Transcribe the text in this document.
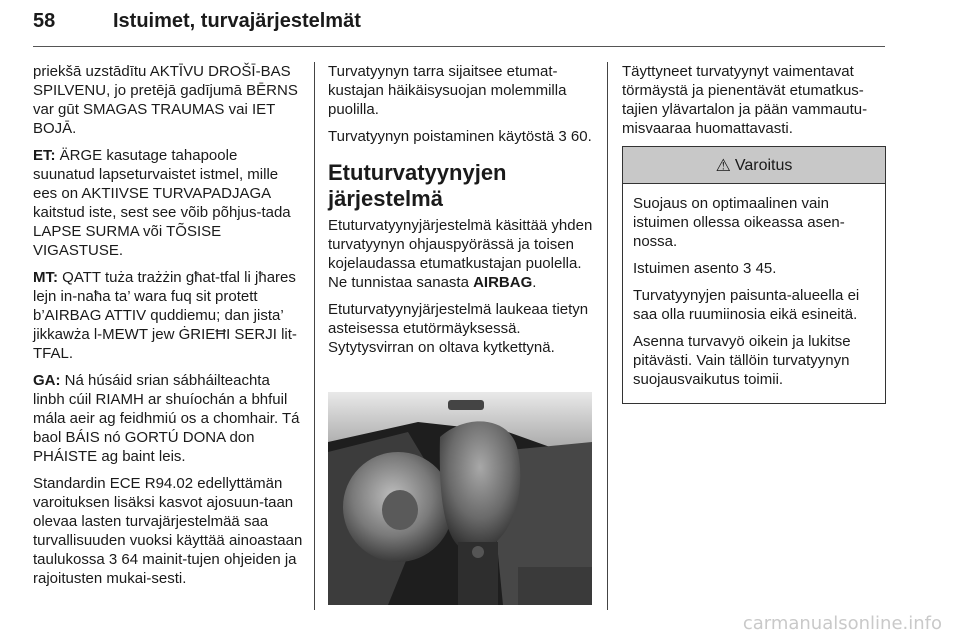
58	Istuimet, turvajärjestelmät

priekšā uzstādītu AKTĪVU DROŠĪ-BAS SPILVENU, jo pretējā gadījumā BĒRNS var gūt SMAGAS TRAUMAS vai IET BOJĀ.

ET: ÄRGE kasutage tahapoole suunatud lapseturvaistet istmel, mille ees on AKTIIVSE TURVAPADJAGA kaitstud iste, sest see võib põhjus-tada LAPSE SURMA või TÕSISE VIGASTUSE.

MT: QATT tuża trażżin għat-tfal li jħares lejn in-naħa ta’ wara fuq sit protett b’AIRBAG ATTIV quddiemu; dan jista’ jikkawża l-MEWT jew ĠRIEĦI SERJI lit-TFAL.

GA: Ná húsáid srian sábháilteachta linbh cúil RIAMH ar shuíochán a bhfuil mála aeir ag feidhmiú os a chomhair. Tá baol BÁIS nó GORTÚ DONA don PHÁISTE ag baint leis.

Standardin ECE R94.02 edellyttämän varoituksen lisäksi kasvot ajosuun-taan olevaa lasten turvajärjestelmää saa turvallisuuden vuoksi käyttää ainoastaan taulukossa 3 64 mainit-tujen ohjeiden ja rajoitusten mukai-sesti.

Turvatyynyn tarra sijaitsee etumat-kustajan häikäisysuojan molemmilla puolilla.

Turvatyynyn poistaminen käytöstä 3 60.

Etuturvatyynyjen järjestelmä

Etuturvatyynyjärjestelmä käsittää yhden turvatyynyn ohjauspyörässä ja toisen kojelaudassa etumatkustajan puolella. Ne tunnistaa sanasta AIRBAG.

Etuturvatyynyjärjestelmä laukeaa tietyn asteisessa etutörmäyksessä. Sytytysvirran on oltava kytkettynä.

Täyttyneet turvatyynyt vaimentavat törmäystä ja pienentävät etumatkus-tajien ylävartalon ja pään vammautu-misvaaraa huomattavasti.

⚠ Varoitus

Suojaus on optimaalinen vain istuimen ollessa oikeassa asen-nossa.

Istuimen asento 3 45.

Turvatyynyjen paisunta-alueella ei saa olla ruumiinosia eikä esineitä.

Asenna turvavyö oikein ja lukitse pitävästi. Vain tällöin turvatyynyn suojausvaikutus toimii.

carmanualsonline.info
